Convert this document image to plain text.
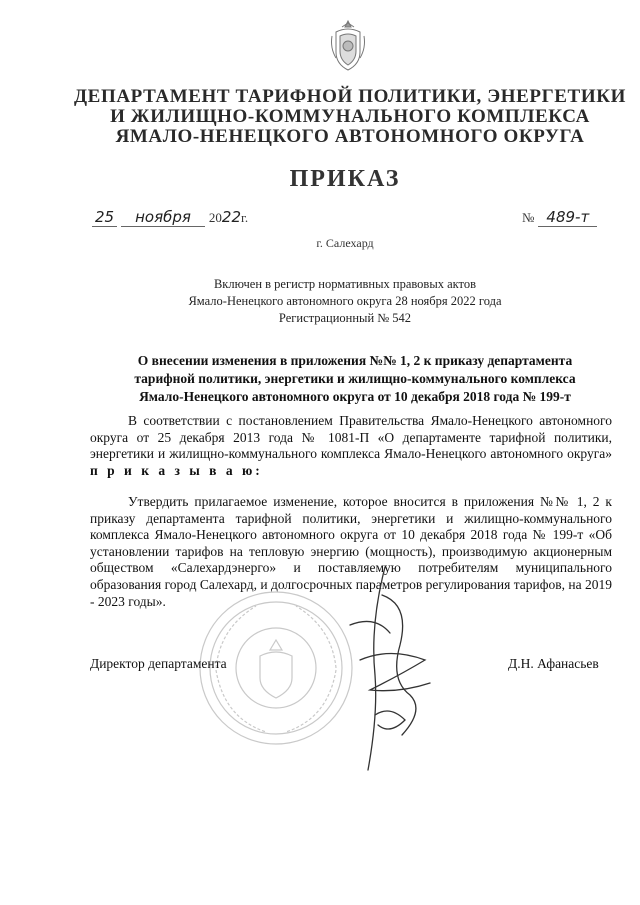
ДЕПАРТАМЕНТ ТАРИФНОЙ ПОЛИТИКИ, ЭНЕРГЕТИКИ
И ЖИЛИЩНО-КОММУНАЛЬНОГО КОМПЛЕКСА
ЯМАЛО-НЕНЕЦКОГО АВТОНОМНОГО ОКРУГА
ПРИКАЗ
25 ноября 2022г.	№ 489-т
г. Салехард
Включен в регистр нормативных правовых актов
Ямало-Ненецкого автономного округа 28 ноября 2022 года
Регистрационный № 542
О внесении изменения в приложения №№ 1, 2 к приказу департамента
тарифной политики, энергетики и жилищно-коммунального комплекса
Ямало-Ненецкого автономного округа от 10 декабря 2018 года № 199-т
В соответствии с постановлением Правительства Ямало-Ненецкого автономного округа от 25 декабря 2013 года № 1081-П «О департаменте тарифной политики, энергетики и жилищно-коммунального комплекса Ямало-Ненецкого автономного округа» п р и к а з ы в а ю:
Утвердить прилагаемое изменение, которое вносится в приложения №№ 1, 2 к приказу департамента тарифной политики, энергетики и жилищно-коммунального комплекса Ямало-Ненецкого автономного округа от 10 декабря 2018 года № 199-т «Об установлении тарифов на тепловую энергию (мощность), производимую акционерным обществом «Салехардэнерго» и поставляемую потребителям муниципального образования город Салехард, и долгосрочных параметров регулирования тарифов, на 2019 - 2023 годы».
Директор департамента	Д.Н. Афанасьев
